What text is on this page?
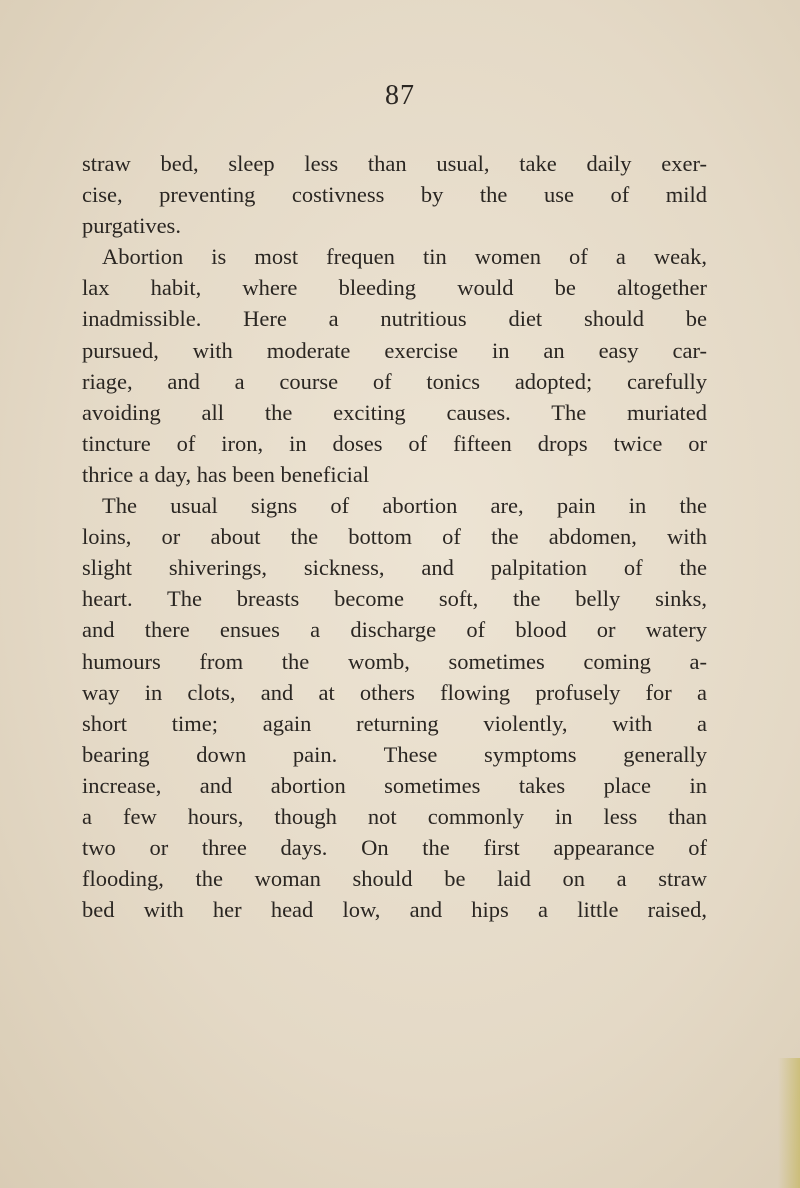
87
straw bed, sleep less than usual, take daily exer-
cise, preventing costivness by the use of mild
purgatives.
Abortion is most frequen tin women of a weak,
lax habit, where bleeding would be altogether
inadmissible. Here a nutritious diet should be
pursued, with moderate exercise in an easy car-
riage, and a course of tonics adopted; carefully
avoiding all the exciting causes. The muriated
tincture of iron, in doses of fifteen drops twice or
thrice a day, has been beneficial
The usual signs of abortion are, pain in the
loins, or about the bottom of the abdomen, with
slight shiverings, sickness, and palpitation of the
heart. The breasts become soft, the belly sinks,
and there ensues a discharge of blood or watery
humours from the womb, sometimes coming a-
way in clots, and at others flowing profusely for a
short time; again returning violently, with a
bearing down pain. These symptoms generally
increase, and abortion sometimes takes place in
a few hours, though not commonly in less than
two or three days. On the first appearance of
flooding, the woman should be laid on a straw
bed with her head low, and hips a little raised,
